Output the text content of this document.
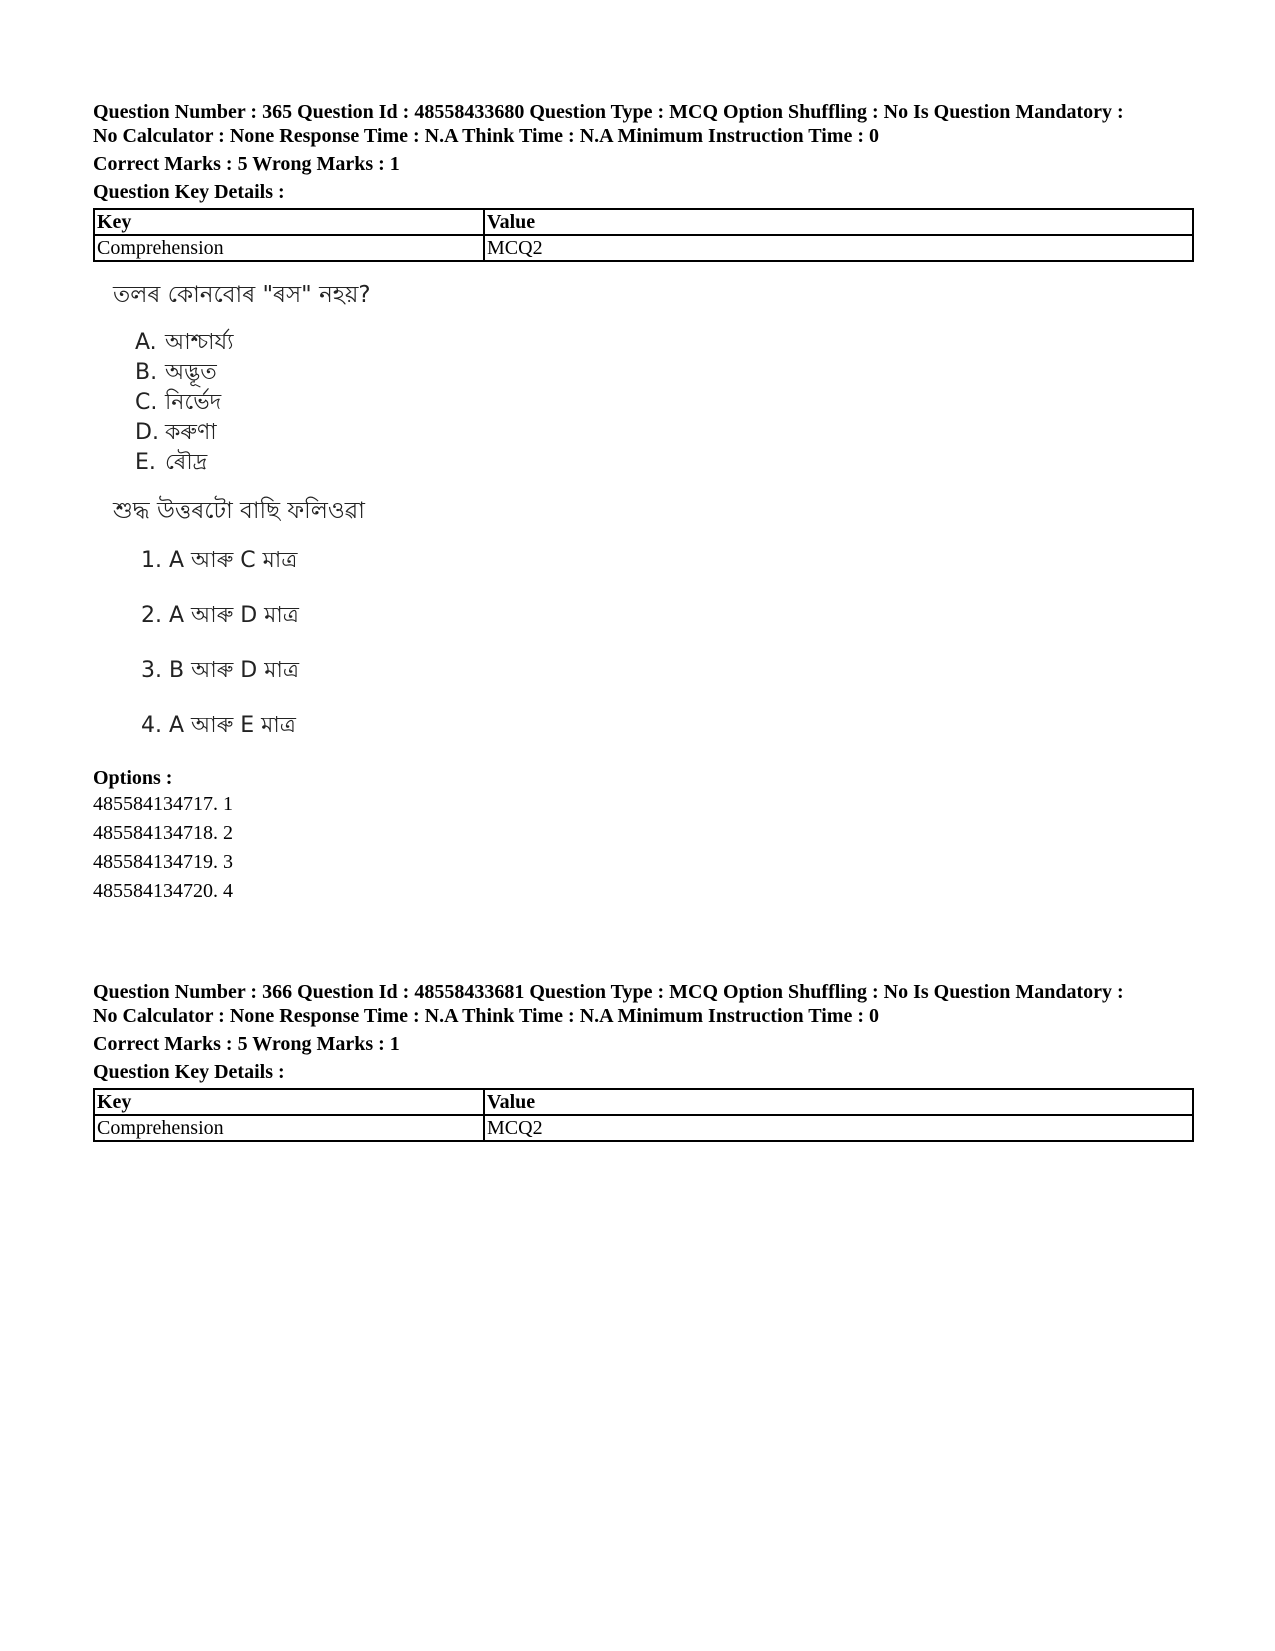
Question Number : 365 Question Id : 48558433680 Question Type : MCQ Option Shuffling : No Is Question Mandatory :
No Calculator : None Response Time : N.A Think Time : N.A Minimum Instruction Time : 0

Correct Marks : 5 Wrong Marks : 1
Question Key Details :
Key	Value
Comprehension	MCQ2
তলৰ কোনবোৰ "ৰস" নহয়?
A. আশ্চাৰ্য্য
B. অদ্ভূত
C. নিৰ্ভেদ
D. কৰুণা
E. ৰৌদ্ৰ
শুদ্ধ উত্তৰটো বাছি ফলিওৱা
1. A আৰু C মাত্ৰ
2. A আৰু D মাত্ৰ
3. B আৰু D মাত্ৰ
4. A আৰু E মাত্ৰ
Options :
485584134717. 1
485584134718. 2
485584134719. 3
485584134720. 4

Question Number : 366 Question Id : 48558433681 Question Type : MCQ Option Shuffling : No Is Question Mandatory :
No Calculator : None Response Time : N.A Think Time : N.A Minimum Instruction Time : 0

Correct Marks : 5 Wrong Marks : 1
Question Key Details :
Key	Value
Comprehension	MCQ2
